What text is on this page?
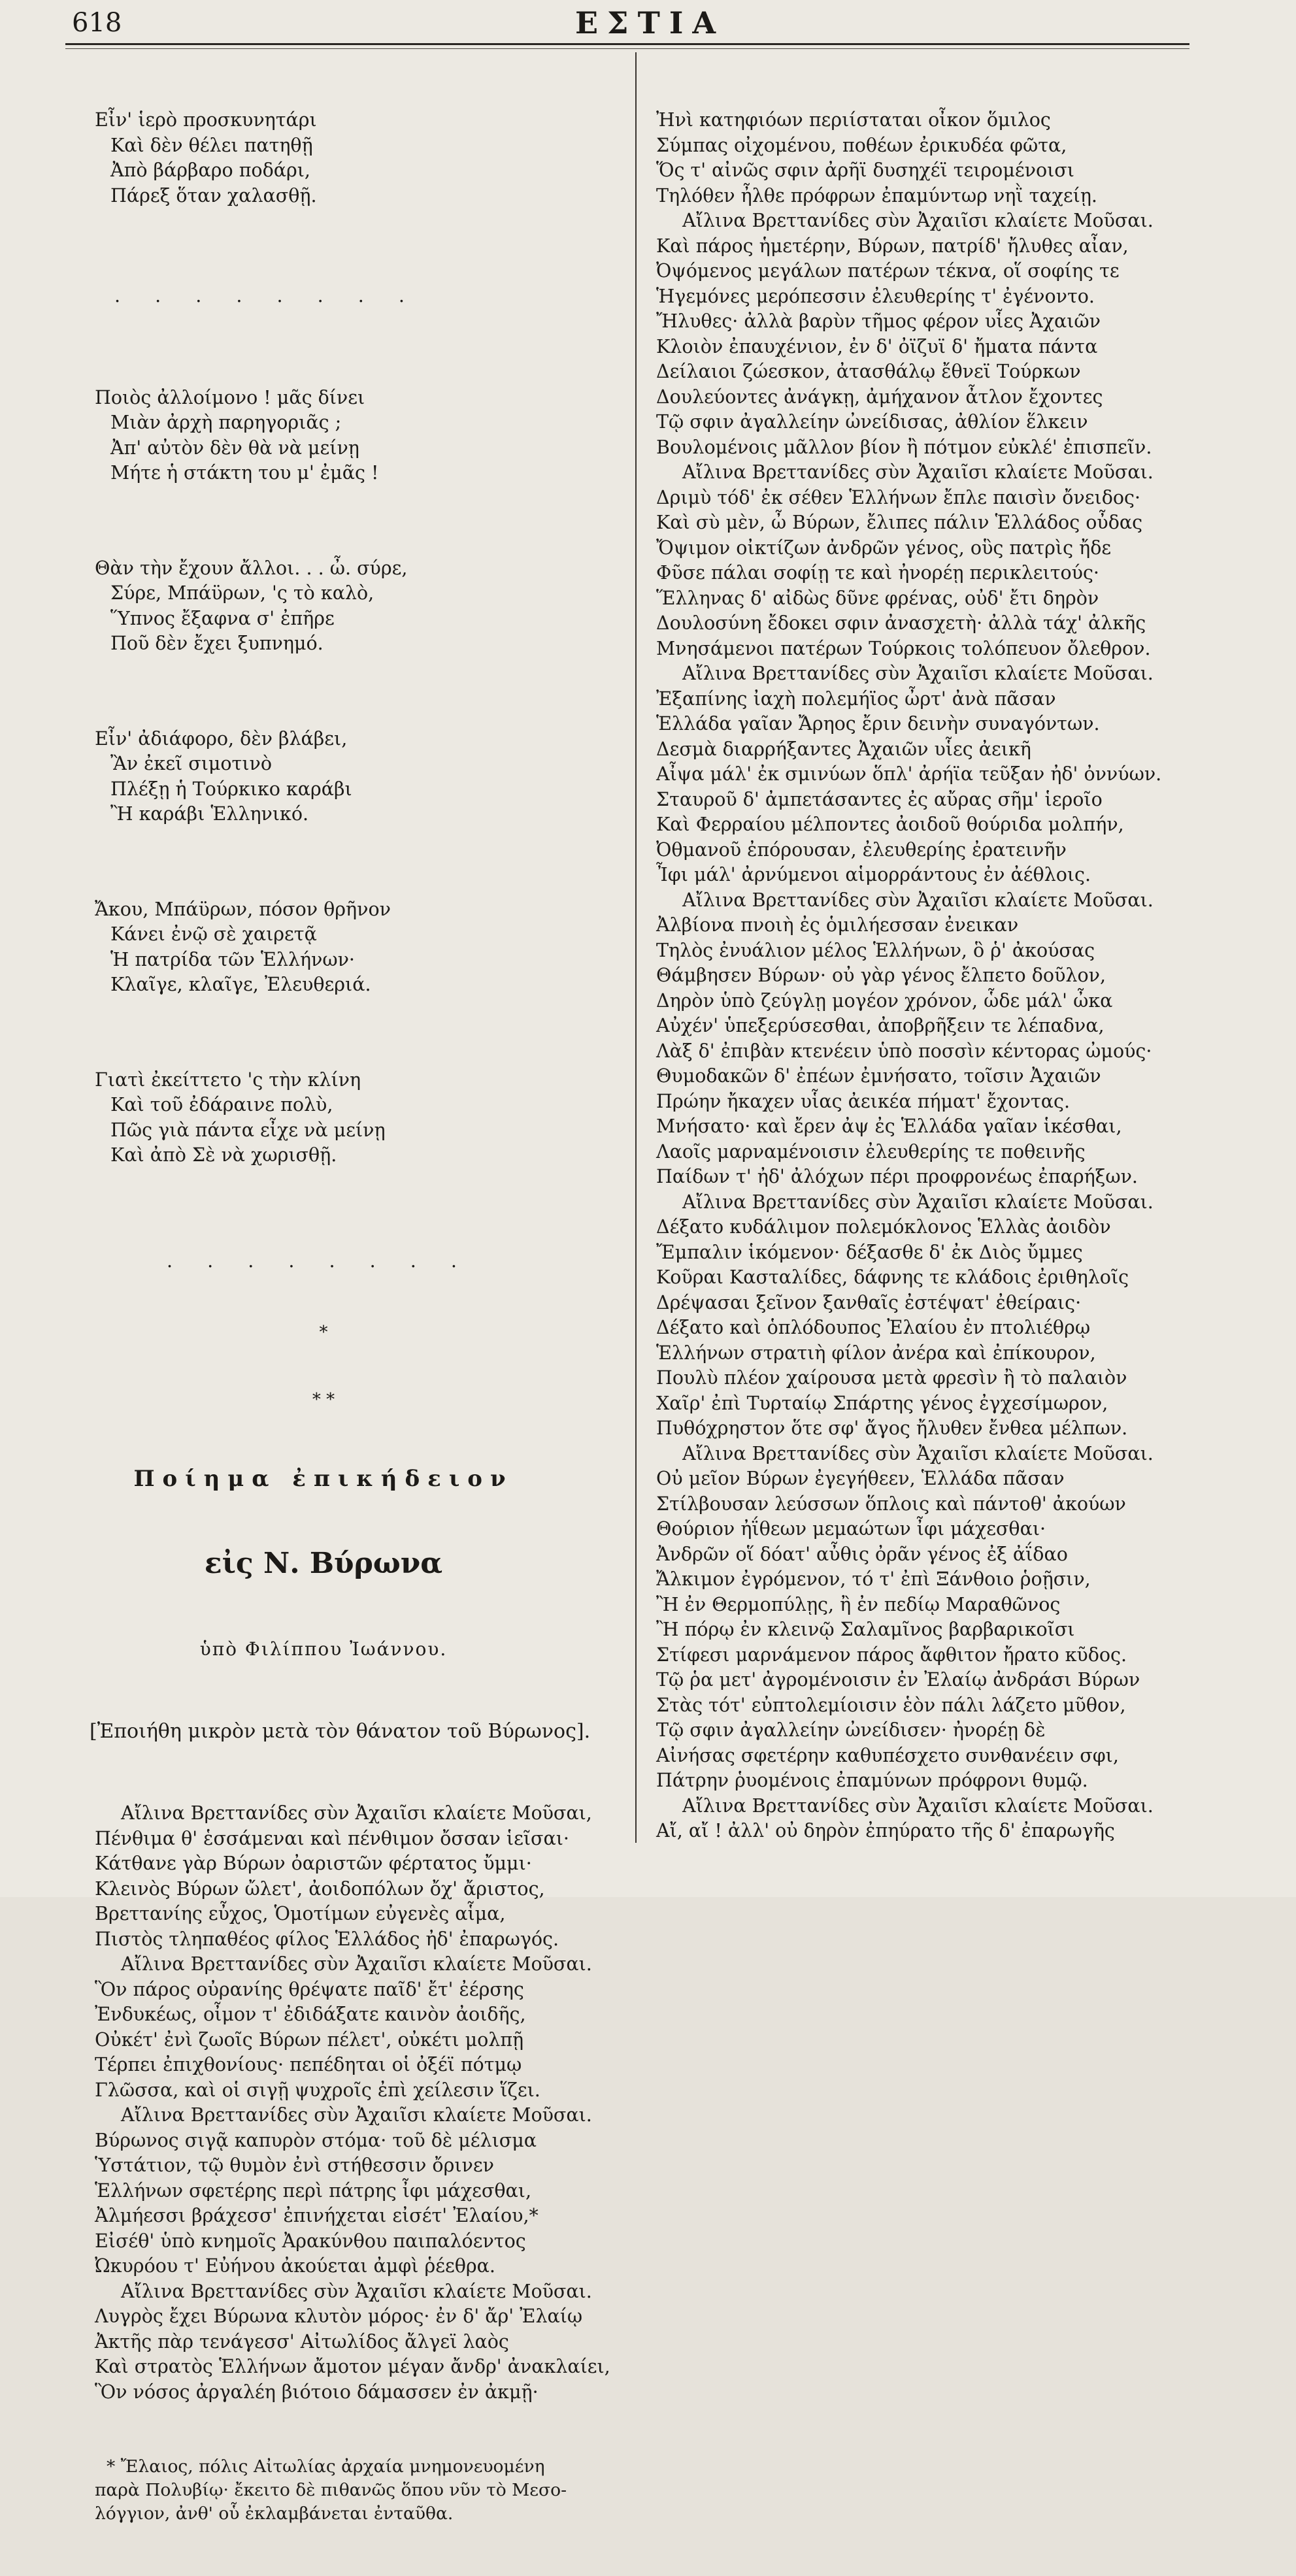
618	ΕΣΤΙΑ

Εἶν' ἱερὸ προσκυνητάρι
Καὶ δὲν θέλει πατηθῇ
Ἀπὸ βάρβαρο ποδάρι,
Πάρεξ ὅταν χαλασθῇ.

. . . . . . . .

Ποιὸς ἀλλοίμονο ! μᾶς δίνει
Μιὰν ἀρχὴ παρηγοριᾶς ;
Ἀπ' αὐτὸν δὲν θὰ νὰ μείνῃ
Μήτε ἡ στάκτη του μ' ἐμᾶς !

Θὰν τὴν ἔχουν ἄλλοι. . . ὦ. σύρε,
Σύρε, Μπάϋρων, 'ς τὸ καλὸ,
Ὕπνος ἔξαφνα σ' ἐπῆρε
Ποῦ δὲν ἔχει ξυπνημό.

Εἶν' ἀδιάφορο, δὲν βλάβει,
Ἂν ἐκεῖ σιμοτινὸ
Πλέξῃ ἡ Τούρκικο καράβι
Ἢ καράβι Ἑλληνικό.

Ἄκου, Μπάϋρων, πόσον θρῆνον
Κάνει ἐνῷ σὲ χαιρετᾷ
Ἡ πατρίδα τῶν Ἑλλήνων·
Κλαῖγε, κλαῖγε, Ἐλευθεριά.

Γιατὶ ἐκείττετο 'ς τὴν κλίνη
Καὶ τοῦ ἐδάραινε πολὺ,
Πῶς γιὰ πάντα εἶχε νὰ μείνῃ
Καὶ ἀπὸ Σὲ νὰ χωρισθῇ.

. . . . . . . .

*

* *

Ποίημα ἐπικήδειον

εἰς Ν. Βύρωνα

ὑπὸ Φιλίππου Ἰωάννου.

[Ἐποιήθη μικρὸν μετὰ τὸν θάνατον τοῦ Βύρωνος].

Αἴλινα Βρεττανίδες σὺν Ἀχαιῖσι κλαίετε Μοῦσαι,
Πένθιμα θ' ἑσσάμεναι καὶ πένθιμον ὄσσαν ἱεῖσαι·
Κάτθανε γὰρ Βύρων ὀαριστῶν φέρτατος ὔμμι·
Κλεινὸς Βύρων ὤλετ', ἀοιδοπόλων ὄχ' ἄριστος,
Βρεττανίης εὖχος, Ὁμοτίμων εὐγενὲς αἷμα,
Πιστὸς τληπαθέος φίλος Ἑλλάδος ἠδ' ἐπαρωγός.
Αἴλινα Βρεττανίδες σὺν Ἀχαιῖσι κλαίετε Μοῦσαι.
Ὃν πάρος οὐρανίης θρέψατε παῖδ' ἔτ' ἐέρσης
Ἐνδυκέως, οἶμον τ' ἐδιδάξατε καινὸν ἀοιδῆς,
Οὐκέτ' ἐνὶ ζωοῖς Βύρων πέλετ', οὐκέτι μολπῇ
Τέρπει ἐπιχθονίους· πεπέδηται οἱ ὀξέϊ πότμῳ
Γλῶσσα, καὶ οἱ σιγῇ ψυχροῖς ἐπὶ χείλεσιν ἵζει.
Αἴλινα Βρεττανίδες σὺν Ἀχαιῖσι κλαίετε Μοῦσαι.
Βύρωνος σιγᾷ καπυρὸν στόμα· τοῦ δὲ μέλισμα
Ὑστάτιον, τῷ θυμὸν ἐνὶ στήθεσσιν ὄρινεν
Ἑλλήνων σφετέρης περὶ πάτρης ἶφι μάχεσθαι,
Ἀλμήεσσι βράχεσσ' ἐπινήχεται εἰσέτ' Ἐλαίου,*
Εἰσέθ' ὑπὸ κνημοῖς Ἀρακύνθου παιπαλόεντος
Ὠκυρόου τ' Εὐήνου ἀκούεται ἀμφὶ ῥέεθρα.
Αἴλινα Βρεττανίδες σὺν Ἀχαιῖσι κλαίετε Μοῦσαι.
Λυγρὸς ἔχει Βύρωνα κλυτὸν μόρος· ἐν δ' ἄρ' Ἐλαίῳ
Ἀκτῆς πὰρ τενάγεσσ' Αἰτωλίδος ἄλγεϊ λαὸς
Καὶ στρατὸς Ἑλλήνων ἄμοτον μέγαν ἄνδρ' ἀνακλαίει,
Ὃν νόσος ἀργαλέη βιότοιο δάμασσεν ἐν ἀκμῇ·

* Ἔλαιος, πόλις Αἰτωλίας ἀρχαία μνημονευομένη
παρὰ Πολυβίῳ· ἔκειτο δὲ πιθανῶς ὅπου νῦν τὸ Μεσο-
λόγγιον, ἀνθ' οὗ ἐκλαμβάνεται ἐνταῦθα.

Ἠνὶ κατηφιόων περιίσταται οἶκον ὅμιλος
Σύμπας οἰχομένου, ποθέων ἐρικυδέα φῶτα,
Ὅς τ' αἰνῶς σφιν ἀρῆϊ δυσηχέϊ τειρομένοισι
Τηλόθεν ἦλθε πρόφρων ἐπαμύντωρ νηῒ ταχείῃ.
Αἴλινα Βρεττανίδες σὺν Ἀχαιῖσι κλαίετε Μοῦσαι.
Καὶ πάρος ἡμετέρην, Βύρων, πατρίδ' ἤλυθες αἶαν,
Ὀψόμενος μεγάλων πατέρων τέκνα, οἵ σοφίης τε
Ἡγεμόνες μερόπεσσιν ἐλευθερίης τ' ἐγένοντο.
Ἤλυθες· ἀλλὰ βαρὺν τῆμος φέρον υἷες Ἀχαιῶν
Κλοιὸν ἐπαυχένιον, ἐν δ' ὀϊζυϊ δ' ἤματα πάντα
Δείλαιοι ζώεσκον, ἀτασθάλῳ ἔθνεϊ Τούρκων
Δουλεύοντες ἀνάγκῃ, ἀμήχανον ἆτλον ἔχοντες
Τῷ σφιν ἀγαλλείην ὠνείδισας, ἀθλίον ἕλκειν
Βουλομένοις μᾶλλον βίον ἢ πότμον εὐκλέ' ἐπισπεῖν.
Αἴλινα Βρεττανίδες σὺν Ἀχαιῖσι κλαίετε Μοῦσαι.
Δριμὺ τόδ' ἐκ σέθεν Ἑλλήνων ἔπλε παισὶν ὄνειδος·
Καὶ σὺ μὲν, ὦ Βύρων, ἔλιπες πάλιν Ἑλλάδος οὖδας
Ὄψιμον οἰκτίζων ἀνδρῶν γένος, οὓς πατρὶς ἤδε
Φῦσε πάλαι σοφίῃ τε καὶ ἠνορέῃ περικλειτούς·
Ἕλληνας δ' αἰδὼς δῦνε φρένας, οὐδ' ἔτι δηρὸν
Δουλοσύνη ἔδοκει σφιν ἀνασχετὴ· ἀλλὰ τάχ' ἀλκῆς
Μνησάμενοι πατέρων Τούρκοις τολόπευον ὄλεθρον.
Αἴλινα Βρεττανίδες σὺν Ἀχαιῖσι κλαίετε Μοῦσαι.
Ἐξαπίνης ἰαχὴ πολεμήϊος ὦρτ' ἀνὰ πᾶσαν
Ἑλλάδα γαῖαν Ἄρηος ἔριν δεινὴν συναγόντων.
Δεσμὰ διαρρήξαντες Ἀχαιῶν υἷες ἀεικῆ
Αἶψα μάλ' ἐκ σμινύων ὅπλ' ἀρήϊα τεῦξαν ἠδ' ὀννύων.
Σταυροῦ δ' ἀμπετάσαντες ἐς αὔρας σῆμ' ἱεροῖο
Καὶ Φερραίου μέλποντες ἀοιδοῦ θούριδα μολπήν,
Ὀθμανοῦ ἐπόρουσαν, ἐλευθερίης ἐρατεινῆν
Ἶφι μάλ' ἀρνύμενοι αἱμορράντους ἐν ἀέθλοις.
Αἴλινα Βρεττανίδες σὺν Ἀχαιῖσι κλαίετε Μοῦσαι.
Ἀλβίονα πνοιὴ ἐς ὁμιλήεσσαν ἐνεικαν
Τηλὸς ἐνυάλιον μέλος Ἑλλήνων, ὃ ῥ' ἀκούσας
Θάμβησεν Βύρων· οὐ γὰρ γένος ἔλπετο δοῦλον,
Δηρὸν ὑπὸ ζεύγλῃ μογέον χρόνον, ὧδε μάλ' ὦκα
Αὐχέν' ὑπεξερύσεσθαι, ἀποβρῆξειν τε λέπαδνα,
Λὰξ δ' ἐπιβὰν κτενέειν ὑπὸ ποσσὶν κέντορας ὠμούς·
Θυμοδακῶν δ' ἐπέων ἐμνήσατο, τοῖσιν Ἀχαιῶν
Πρώην ἤκαχεν υἷας ἀεικέα πήματ' ἔχοντας.
Μνήσατο· καὶ ἔρεν ἀψ ἐς Ἑλλάδα γαῖαν ἱκέσθαι,
Λαοῖς μαρναμένοισιν ἐλευθερίης τε ποθεινῆς
Παίδων τ' ἠδ' ἀλόχων πέρι προφρονέως ἐπαρήξων.
Αἴλινα Βρεττανίδες σὺν Ἀχαιῖσι κλαίετε Μοῦσαι.
Δέξατο κυδάλιμον πολεμόκλονος Ἑλλὰς ἀοιδὸν
Ἔμπαλιν ἱκόμενον· δέξασθε δ' ἐκ Διὸς ὔμμες
Κοῦραι Κασταλίδες, δάφνης τε κλάδοις ἐριθηλοῖς
Δρέψασαι ξεῖνον ξανθαῖς ἐστέψατ' ἐθείραις·
Δέξατο καὶ ὁπλόδουπος Ἐλαίου ἐν πτολιέθρῳ
Ἑλλήνων στρατιὴ φίλον ἀνέρα καὶ ἐπίκουρον,
Πουλὺ πλέον χαίρουσα μετὰ φρεσὶν ἢ τὸ παλαιὸν
Χαῖρ' ἐπὶ Τυρταίῳ Σπάρτης γένος ἐγχεσίμωρον,
Πυθόχρηστον ὅτε σφ' ἄγος ἤλυθεν ἔνθεα μέλπων.
Αἴλινα Βρεττανίδες σὺν Ἀχαιῖσι κλαίετε Μοῦσαι.
Οὐ μεῖον Βύρων ἐγεγήθεεν, Ἑλλάδα πᾶσαν
Στίλβουσαν λεύσσων ὅπλοις καὶ πάντοθ' ἀκούων
Θούριον ἠΐθεων μεμαώτων ἶφι μάχεσθαι·
Ἀνδρῶν οἵ δόατ' αὖθις ὀρᾶν γένος ἐξ ἀΐδαο
Ἄλκιμον ἐγρόμενον, τό τ' ἐπὶ Ξάνθοιο ῥοῇσιν,
Ἢ ἐν Θερμοπύλῃς, ἢ ἐν πεδίῳ Μαραθῶνος
Ἢ πόρῳ ἐν κλεινῷ Σαλαμῖνος βαρβαρικοῖσι
Στίφεσι μαρνάμενον πάρος ἄφθιτον ἤρατο κῦδος.
Τῷ ῥα μετ' ἀγρομένοισιν ἐν Ἐλαίῳ ἀνδράσι Βύρων
Στὰς τότ' εὐπτολεμίοισιν ἑὸν πάλι λάζετο μῦθον,
Τῷ σφιν ἀγαλλείην ὠνείδισεν· ἠνορέῃ δὲ
Αἰνήσας σφετέρην καθυπέσχετο συνθανέειν σφι,
Πάτρην ῥυομένοις ἐπαμύνων πρόφρονι θυμῷ.
Αἴλινα Βρεττανίδες σὺν Ἀχαιῖσι κλαίετε Μοῦσαι.
Αἴ, αἴ ! ἀλλ' οὐ δηρὸν ἐπηύρατο τῆς δ' ἐπαρωγῆς
